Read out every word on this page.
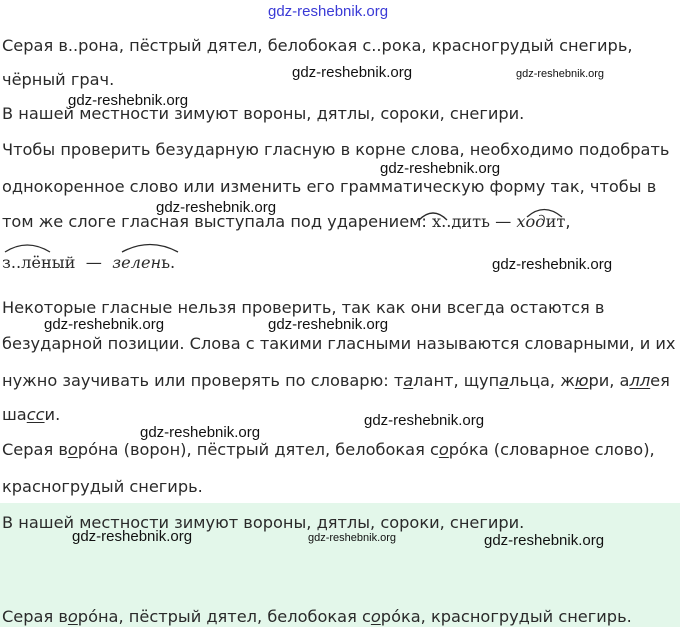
gdz-reshebnik.org
Серая в..рона, пёстрый дятел, белобокая с..рока, красногрудый снегирь,
чёрный грач.
В нашей местности зимуют вороны, дятлы, сороки, снегири.
Чтобы проверить безударную гласную в корне слова, необходимо подобрать
однокоренное слово или изменить его грамматическую форму так, чтобы в
том же слоге гласная выступала под ударением: х..дить — ходит,
з..лёный — зелень.
Некоторые гласные нельзя проверить, так как они всегда остаются в
безударной позиции. Слова с такими гласными называются словарными, и их
нужно заучивать или проверять по словарю: талант, щупальца, жюри, аллея
шасси.
Серая воро́на (ворон), пёстрый дятел, белобокая соро́ка (словарное слово),
красногрудый снегирь.
В нашей местности зимуют вороны, дятлы, сороки, снегири.
Серая воро́на, пёстрый дятел, белобокая соро́ка, красногрудый снегирь.
gdz-reshebnik.org	gdz-reshebnik.org
gdz-reshebnik.org
gdz-reshebnik.org
gdz-reshebnik.org
gdz-reshebnik.org
gdz-reshebnik.org	gdz-reshebnik.org
gdz-reshebnik.org
gdz-reshebnik.org
gdz-reshebnik.org	gdz-reshebnik.org	gdz-reshebnik.org
